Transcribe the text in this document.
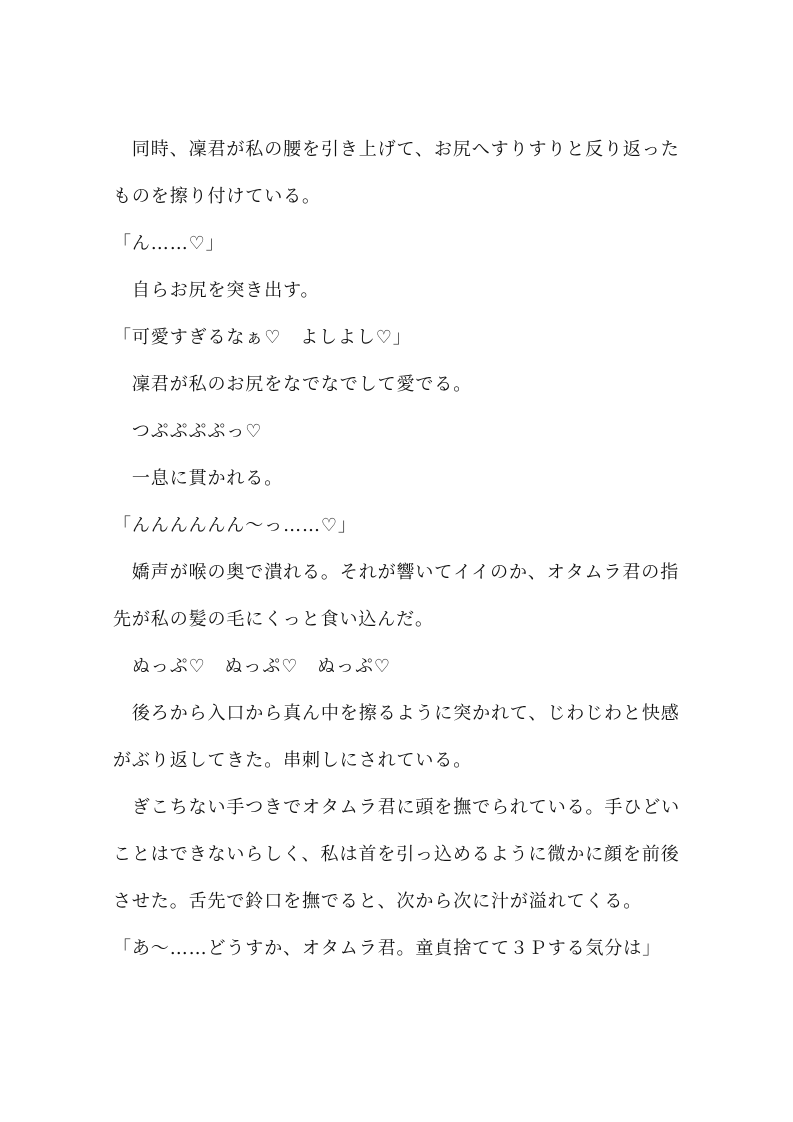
　同時、凜君が私の腰を引き上げて、お尻へすりすりと反り返った
ものを擦り付けている。
「ん……♡」
　自らお尻を突き出す。
「可愛すぎるなぁ♡　よしよし♡」
　凜君が私のお尻をなでなでして愛でる。
　つぷぷぷぷっ♡
　一息に貫かれる。
「んんんんんん〜っ……♡」
　嬌声が喉の奥で潰れる。それが響いてイイのか、オタムラ君の指
先が私の髪の毛にくっと食い込んだ。
　ぬっぷ♡　ぬっぷ♡　ぬっぷ♡
　後ろから入口から真ん中を擦るように突かれて、じわじわと快感
がぶり返してきた。串刺しにされている。
　ぎこちない手つきでオタムラ君に頭を撫でられている。手ひどい
ことはできないらしく、私は首を引っ込めるように微かに顔を前後
させた。舌先で鈴口を撫でると、次から次に汁が溢れてくる。
「あ〜……どうすか、オタムラ君。童貞捨てて３Ｐする気分は」
